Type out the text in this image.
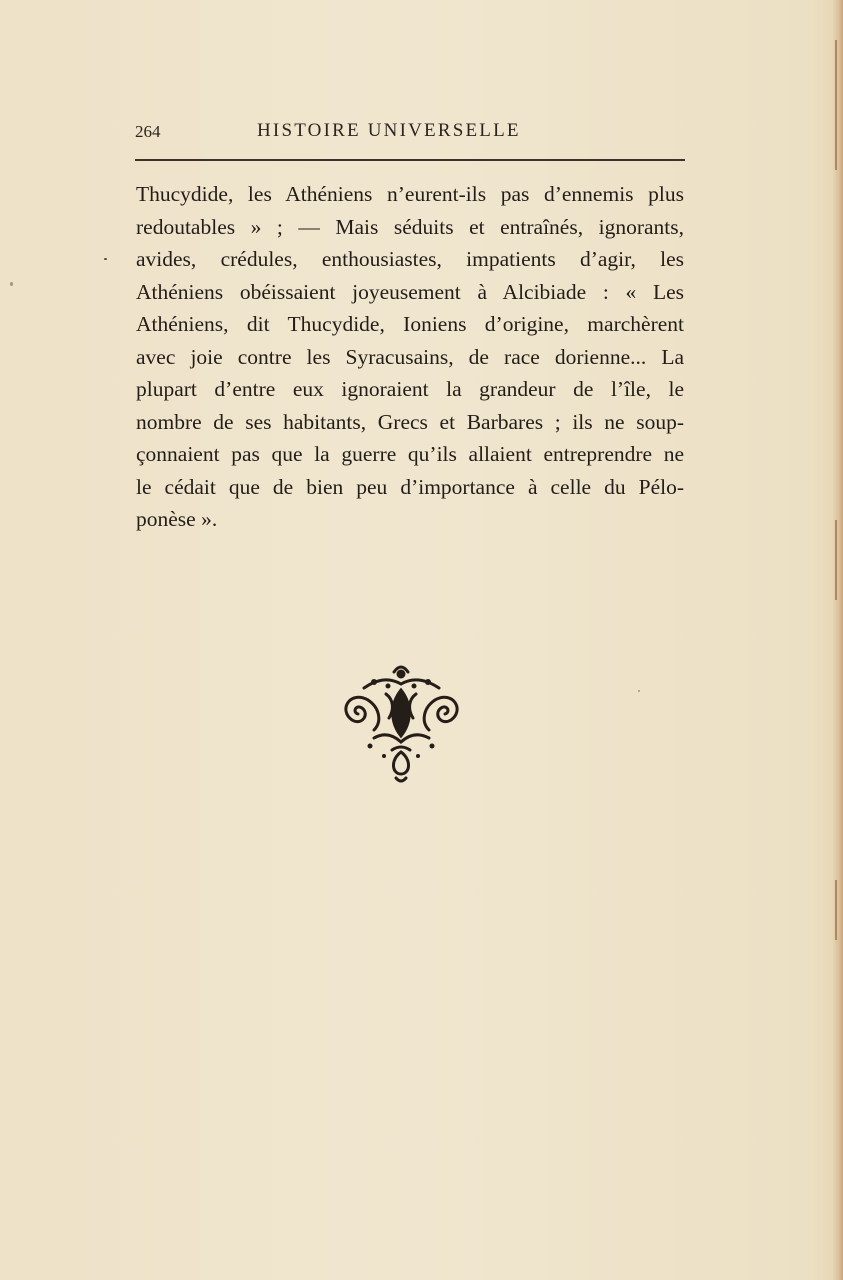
264	HISTOIRE UNIVERSELLE
Thucydide, les Athéniens n’eurent-ils pas d’ennemis plus
redoutables » ; — Mais séduits et entraînés, ignorants,
avides, crédules, enthousiastes, impatients d’agir, les
Athéniens obéissaient joyeusement à Alcibiade : « Les
Athéniens, dit Thucydide, Ioniens d’origine, marchèrent
avec joie contre les Syracusains, de race dorienne... La
plupart d’entre eux ignoraient la grandeur de l’île, le
nombre de ses habitants, Grecs et Barbares ; ils ne soup-
çonnaient pas que la guerre qu’ils allaient entreprendre ne
le cédait que de bien peu d’importance à celle du Pélo-
ponèse ».
